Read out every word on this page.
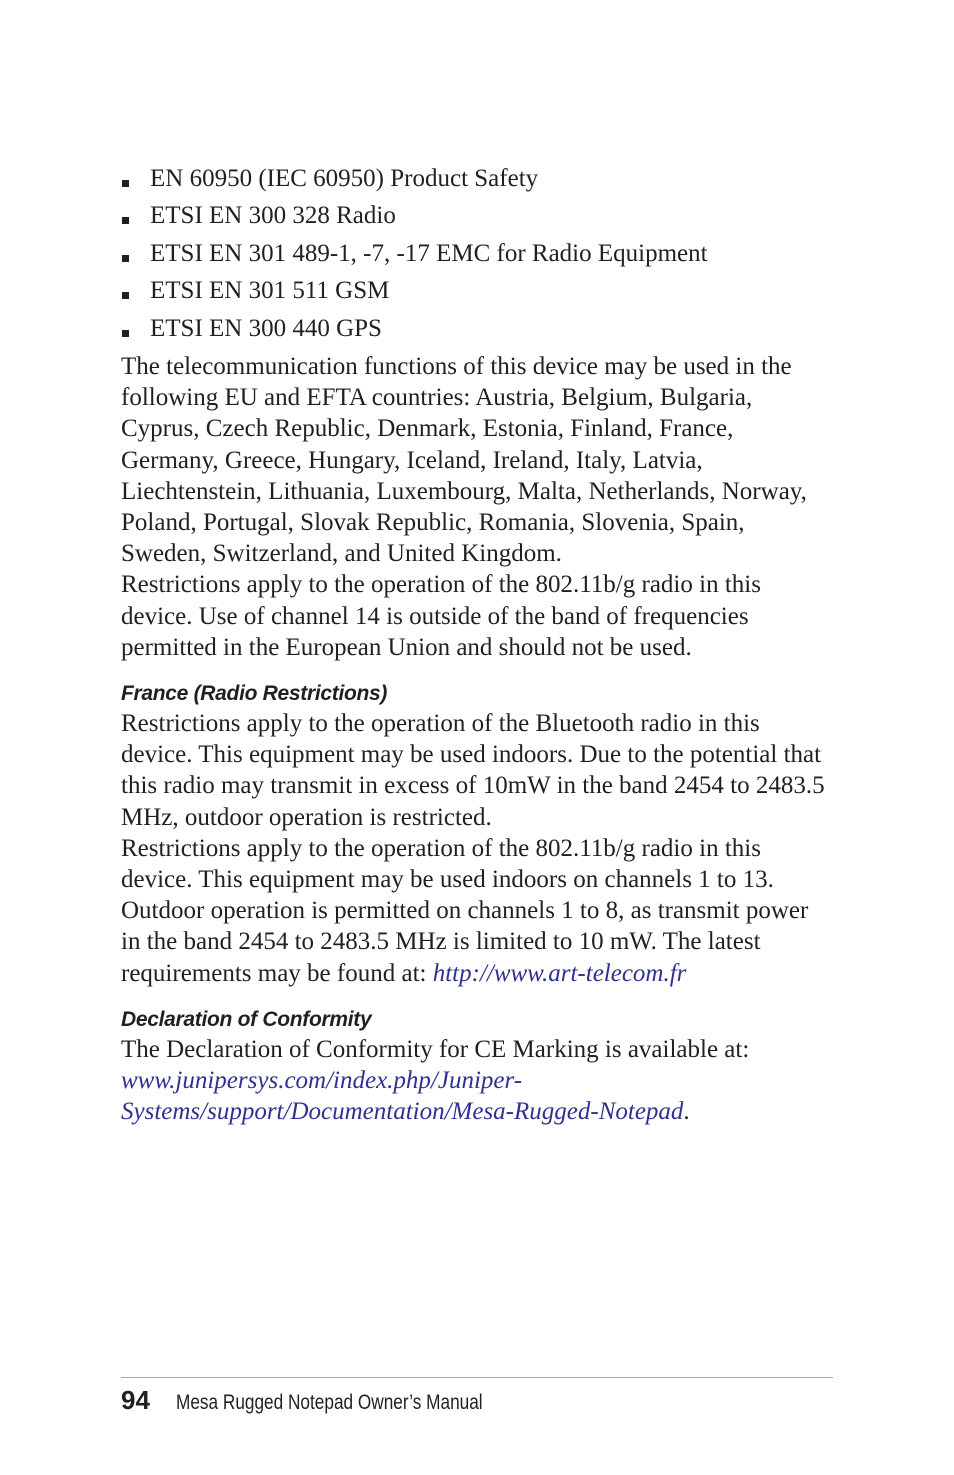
EN 60950 (IEC 60950) Product Safety
ETSI EN 300 328 Radio
ETSI EN 301 489-1, -7, -17 EMC for Radio Equipment
ETSI EN 301 511 GSM
ETSI EN 300 440 GPS

The telecommunication functions of this device may be used in the following EU and EFTA countries: Austria, Belgium, Bulgaria, Cyprus, Czech Republic, Denmark, Estonia, Finland, France, Germany, Greece, Hungary, Iceland, Ireland, Italy, Latvia, Liechtenstein, Lithuania, Luxembourg, Malta, Netherlands, Norway, Poland, Portugal, Slovak Republic, Romania, Slovenia, Spain, Sweden, Switzerland, and United Kingdom.

Restrictions apply to the operation of the 802.11b/g radio in this device. Use of channel 14 is outside of the band of frequencies permitted in the European Union and should not be used.

France (Radio Restrictions)

Restrictions apply to the operation of the Bluetooth radio in this device. This equipment may be used indoors. Due to the potential that this radio may transmit in excess of 10mW in the band 2454 to 2483.5 MHz, outdoor operation is restricted.

Restrictions apply to the operation of the 802.11b/g radio in this device. This equipment may be used indoors on channels 1 to 13. Outdoor operation is permitted on channels 1 to 8, as transmit power in the band 2454 to 2483.5 MHz is limited to 10 mW. The latest requirements may be found at: http://www.art-telecom.fr

Declaration of Conformity

The Declaration of Conformity for CE Marking is available at: www.junipersys.com/index.php/Juniper-Systems/support/Documentation/Mesa-Rugged-Notepad.

94 Mesa Rugged Notepad Owner’s Manual
